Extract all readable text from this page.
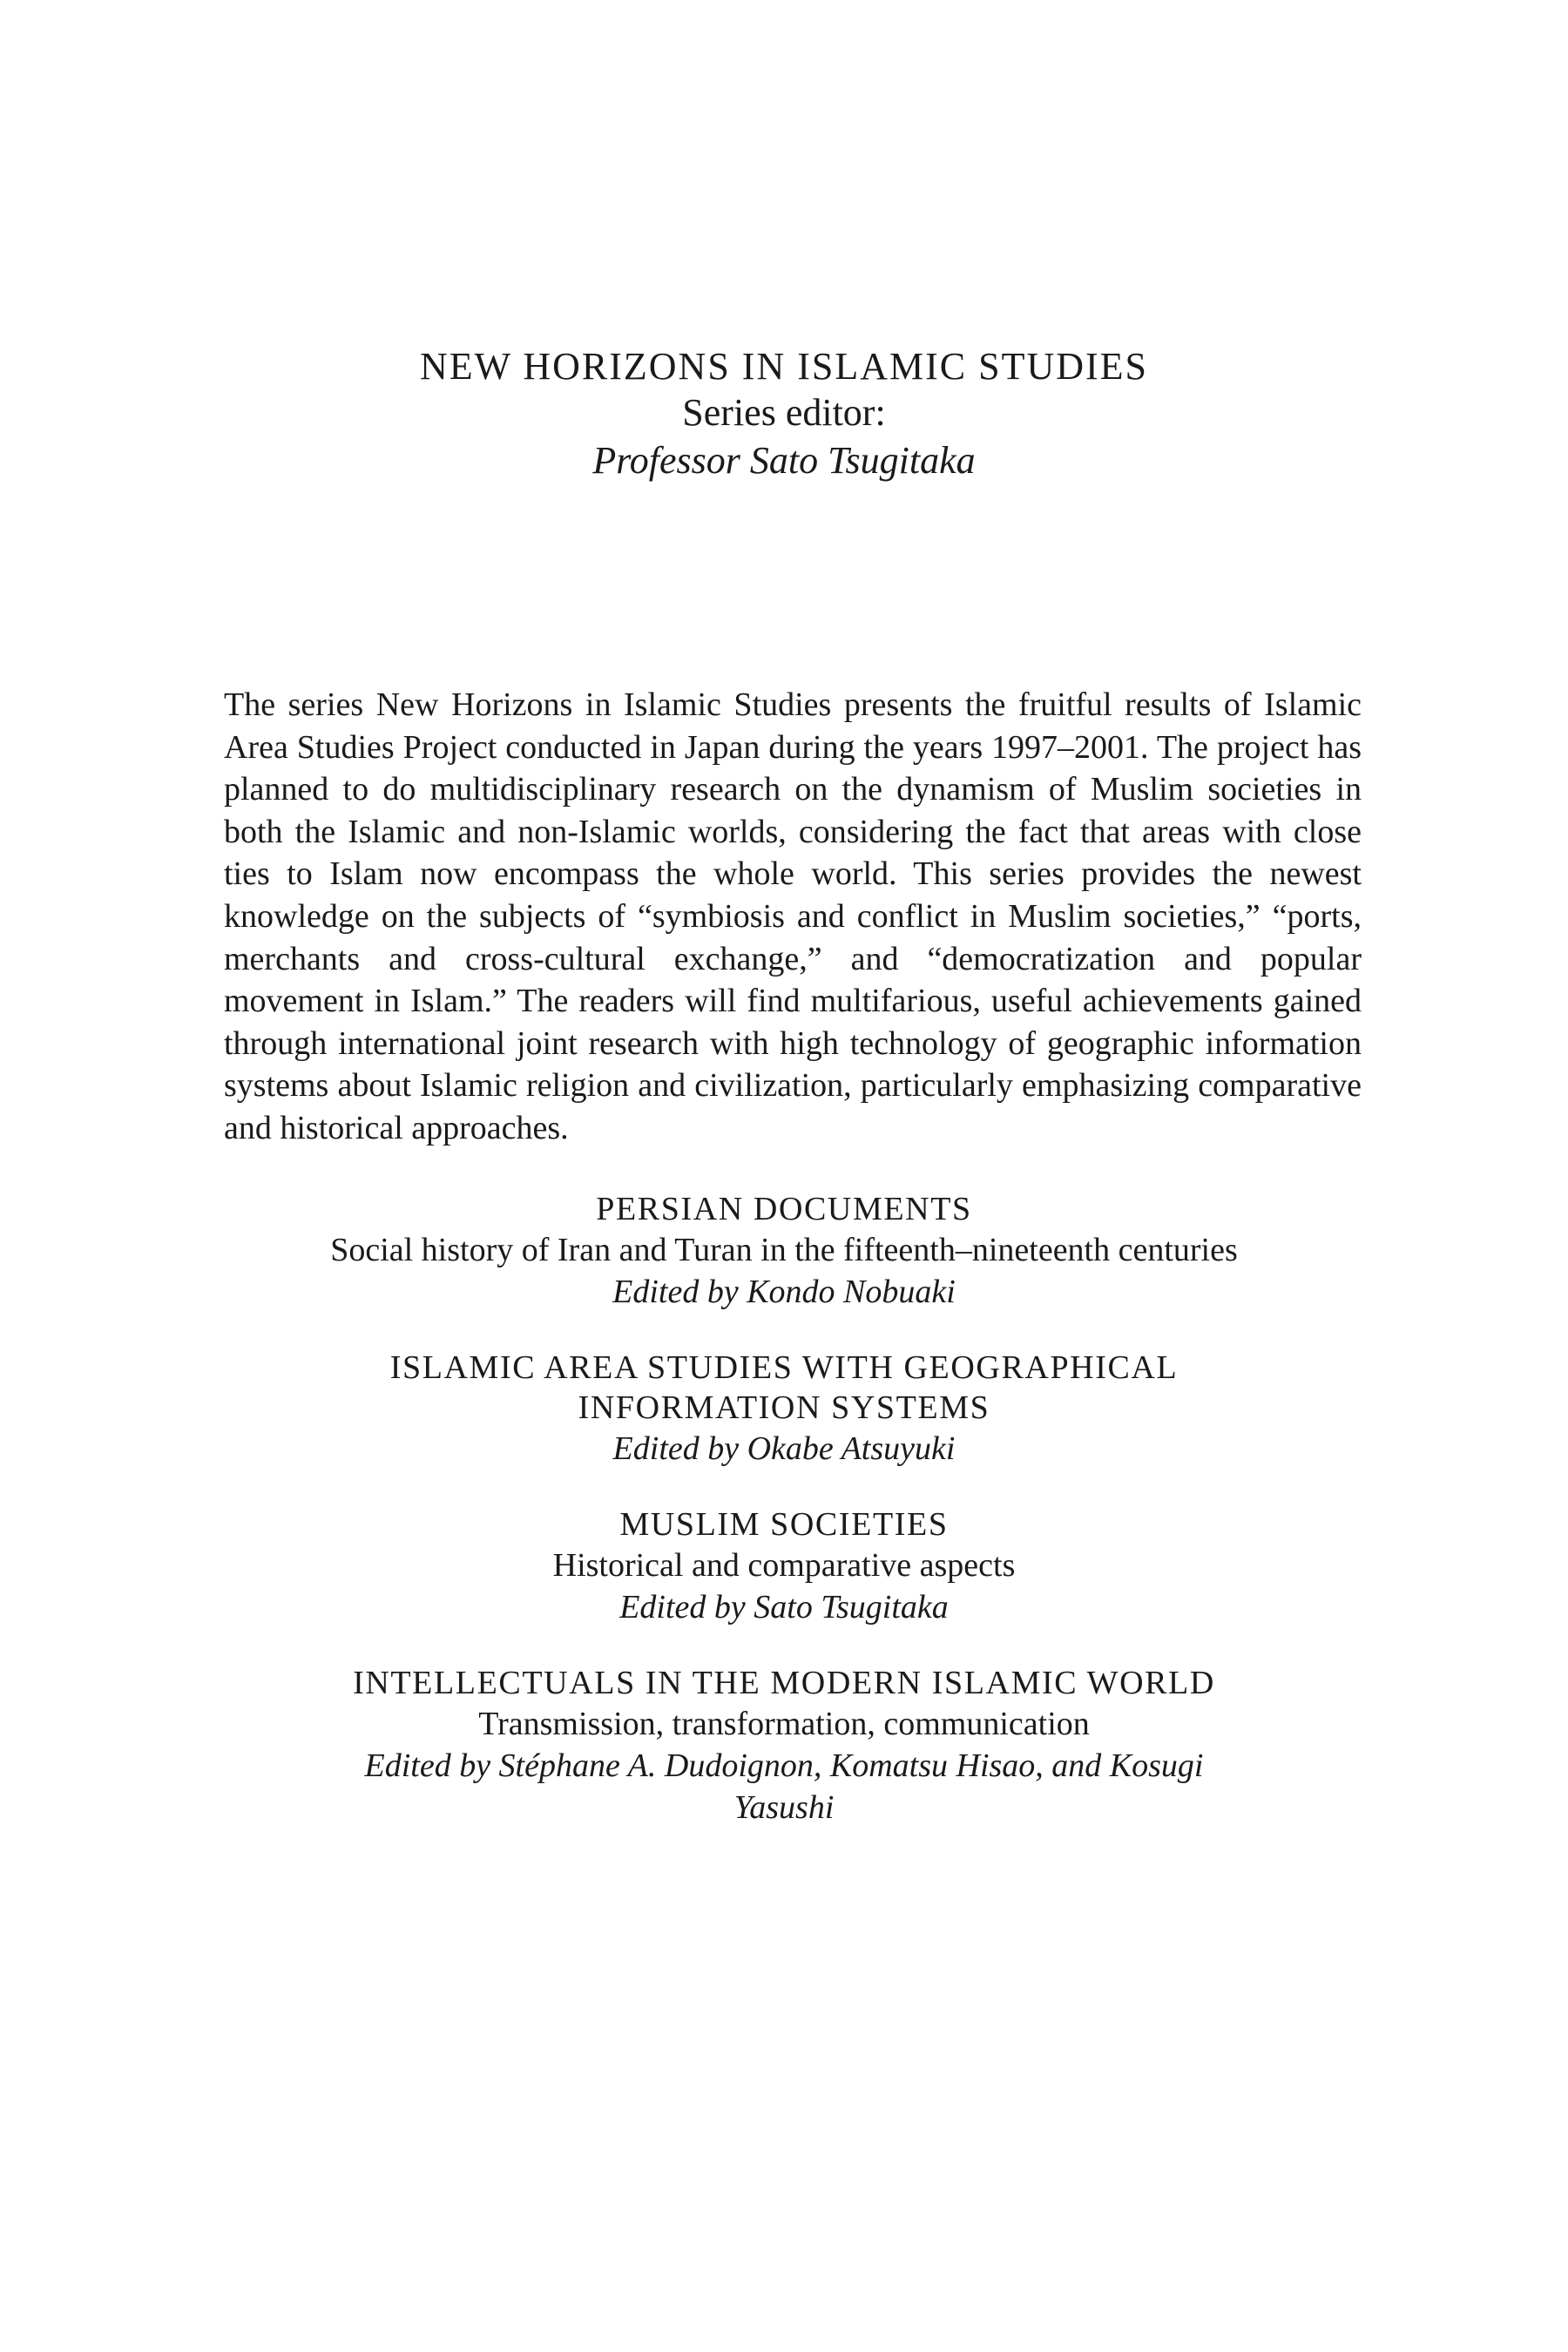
NEW HORIZONS IN ISLAMIC STUDIES
Series editor:
Professor Sato Tsugitaka
The series New Horizons in Islamic Studies presents the fruitful results of Islamic Area Studies Project conducted in Japan during the years 1997–2001. The project has planned to do multidisciplinary research on the dynamism of Muslim societies in both the Islamic and non-Islamic worlds, considering the fact that areas with close ties to Islam now encompass the whole world. This series provides the newest knowledge on the subjects of “symbiosis and conflict in Muslim societies,” “ports, merchants and cross-cultural exchange,” and “democratization and popular movement in Islam.” The readers will find multifarious, useful achievements gained through international joint research with high technology of geographic information systems about Islamic religion and civilization, particularly emphasizing comparative and historical approaches.
PERSIAN DOCUMENTS
Social history of Iran and Turan in the fifteenth–nineteenth centuries
Edited by Kondo Nobuaki
ISLAMIC AREA STUDIES WITH GEOGRAPHICAL INFORMATION SYSTEMS
Edited by Okabe Atsuyuki
MUSLIM SOCIETIES
Historical and comparative aspects
Edited by Sato Tsugitaka
INTELLECTUALS IN THE MODERN ISLAMIC WORLD
Transmission, transformation, communication
Edited by Stéphane A. Dudoignon, Komatsu Hisao, and Kosugi Yasushi
